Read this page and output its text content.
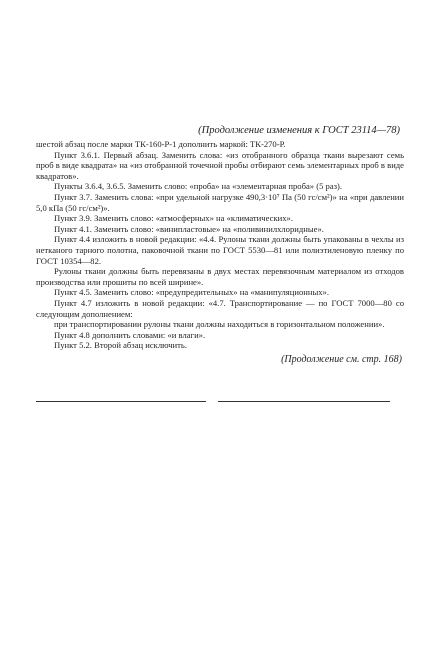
(Продолжение изменения к ГОСТ 23114—78)

шестой абзац после марки ТК-160-Р-1 дополнить маркой: ТК-270-Р.

Пункт 3.6.1. Первый абзац. Заменить слова: «из отобранного образца ткани вырезают семь проб в виде квадрата» на «из отобранной точечной пробы отбирают семь элементарных проб в виде квадратов».

Пункты 3.6.4, 3.6.5. Заменить слово: «проба» на «элементарная проба» (5 раз).

Пункт 3.7. Заменить слова: «при удельной нагрузке 490,3·10⁷ Па (50 гс/см²)» на «при давлении 5,0 кПа (50 гс/см²)».

Пункт 3.9. Заменить слово: «атмосферных» на «климатических».

Пункт 4.1. Заменить слово: «винипластовые» на «поливинилхлоридные».

Пункт 4.4 изложить в новой редакции: «4.4. Рулоны ткани должны быть упакованы в чехлы из нетканого тарного полотна, паковочной ткани по ГОСТ 5530—81 или полиэтиленовую пленку по ГОСТ 10354—82.

Рулоны ткани должны быть перевязаны в двух местах перевязочным материалом из отходов производства или прошиты по всей ширине».

Пункт 4.5. Заменить слово: «предупредительных» на «манипуляционных».

Пункт 4.7 изложить в новой редакции: «4.7. Транспортирование — по ГОСТ 7000—80 со следующим дополнением:

при транспортировании рулоны ткани должны находиться в горизонтальном положении».

Пункт 4.8 дополнить словами: «и влаги».

Пункт 5.2. Второй абзац исключить.

(Продолжение см. стр. 168)
